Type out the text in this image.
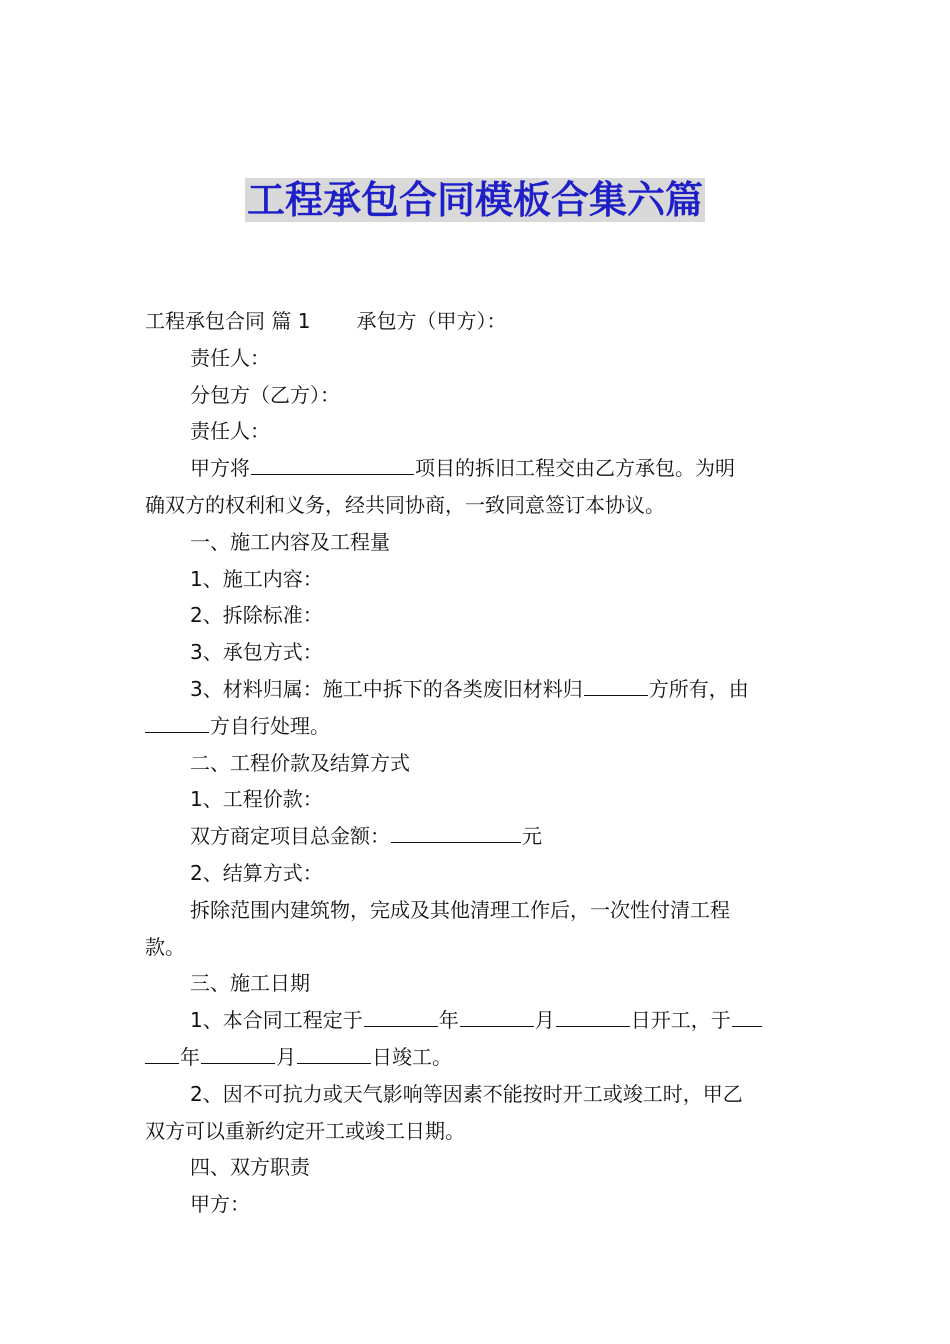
工程承包合同模板合集六篇
工程承包合同 篇 1 承包方（甲方）：
责任人：
分包方（乙方）：
责任人：
甲方将	项目的拆旧工程交由乙方承包。为明
确双方的权利和义务，经共同协商，一致同意签订本协议。
一、施工内容及工程量
1、施工内容：
2、拆除标准：
3、承包方式：
3、材料归属：施工中拆下的各类废旧材料归	方所有，由
方自行处理。
二、工程价款及结算方式
1、工程价款：
双方商定项目总金额：	元
2、结算方式：
拆除范围内建筑物，完成及其他清理工作后，一次性付清工程
款。
三、施工日期
1、本合同工程定于	年	月	日开工，于
年	月	日竣工。
2、因不可抗力或天气影响等因素不能按时开工或竣工时，甲乙
双方可以重新约定开工或竣工日期。
四、双方职责
甲方：
